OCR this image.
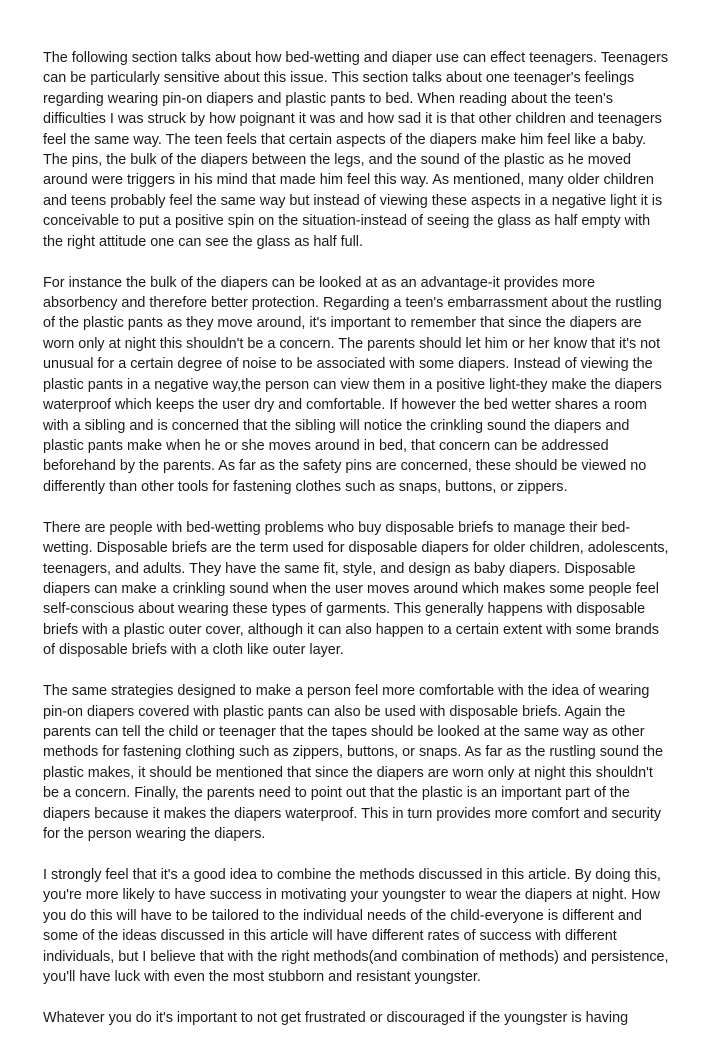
The following section talks about how bed-wetting and diaper use can effect teenagers. Teenagers
can be particularly sensitive about this issue. This section talks about one teenager's feelings
regarding wearing pin-on diapers and plastic pants to bed. When reading about the teen's
difficulties I was struck by how poignant it was and how sad it is that other children and teenagers
feel the same way. The teen feels that certain aspects of the diapers make him feel like a baby.
The pins, the bulk of the diapers between the legs, and the sound of the plastic as he moved
around were triggers in his mind that made him feel this way. As mentioned, many older children
and teens probably feel the same way but instead of viewing these aspects in a negative light it is
conceivable to put a positive spin on the situation-instead of seeing the glass as half empty with
the right attitude one can see the glass as half full.

For instance the bulk of the diapers can be looked at as an advantage-it provides more
absorbency and therefore better protection. Regarding a teen's embarrassment about the rustling
of the plastic pants as they move around, it's important to remember that since the diapers are
worn only at night this shouldn't be a concern. The parents should let him or her know that it's not
unusual for a certain degree of noise to be associated with some diapers. Instead of viewing the
plastic pants in a negative way,the person can view them in a positive light-they make the diapers
waterproof which keeps the user dry and comfortable. If however the bed wetter shares a room
with a sibling and is concerned that the sibling will notice the crinkling sound the diapers and
plastic pants make when he or she moves around in bed, that concern can be addressed
beforehand by the parents. As far as the safety pins are concerned, these should be viewed no
differently than other tools for fastening clothes such as snaps, buttons, or zippers.

There are people with bed-wetting problems who buy disposable briefs to manage their bed-
wetting. Disposable briefs are the term used for disposable diapers for older children, adolescents,
teenagers, and adults. They have the same fit, style, and design as baby diapers. Disposable
diapers can make a crinkling sound when the user moves around which makes some people feel
self-conscious about wearing these types of garments. This generally happens with disposable
briefs with a plastic outer cover, although it can also happen to a certain extent with some brands
of disposable briefs with a cloth like outer layer.

The same strategies designed to make a person feel more comfortable with the idea of wearing
pin-on diapers covered with plastic pants can also be used with disposable briefs. Again the
parents can tell the child or teenager that the tapes should be looked at the same way as other
methods for fastening clothing such as zippers, buttons, or snaps. As far as the rustling sound the
plastic makes, it should be mentioned that since the diapers are worn only at night this shouldn't
be a concern. Finally, the parents need to point out that the plastic is an important part of the
diapers because it makes the diapers waterproof. This in turn provides more comfort and security
for the person wearing the diapers.

I strongly feel that it's a good idea to combine the methods discussed in this article. By doing this,
you're more likely to have success in motivating your youngster to wear the diapers at night. How
you do this will have to be tailored to the individual needs of the child-everyone is different and
some of the ideas discussed in this article will have different rates of success with different
individuals, but I believe that with the right methods(and combination of methods) and persistence,
you'll have luck with even the most stubborn and resistant youngster.

Whatever you do it's important to not get frustrated or discouraged if the youngster is having
